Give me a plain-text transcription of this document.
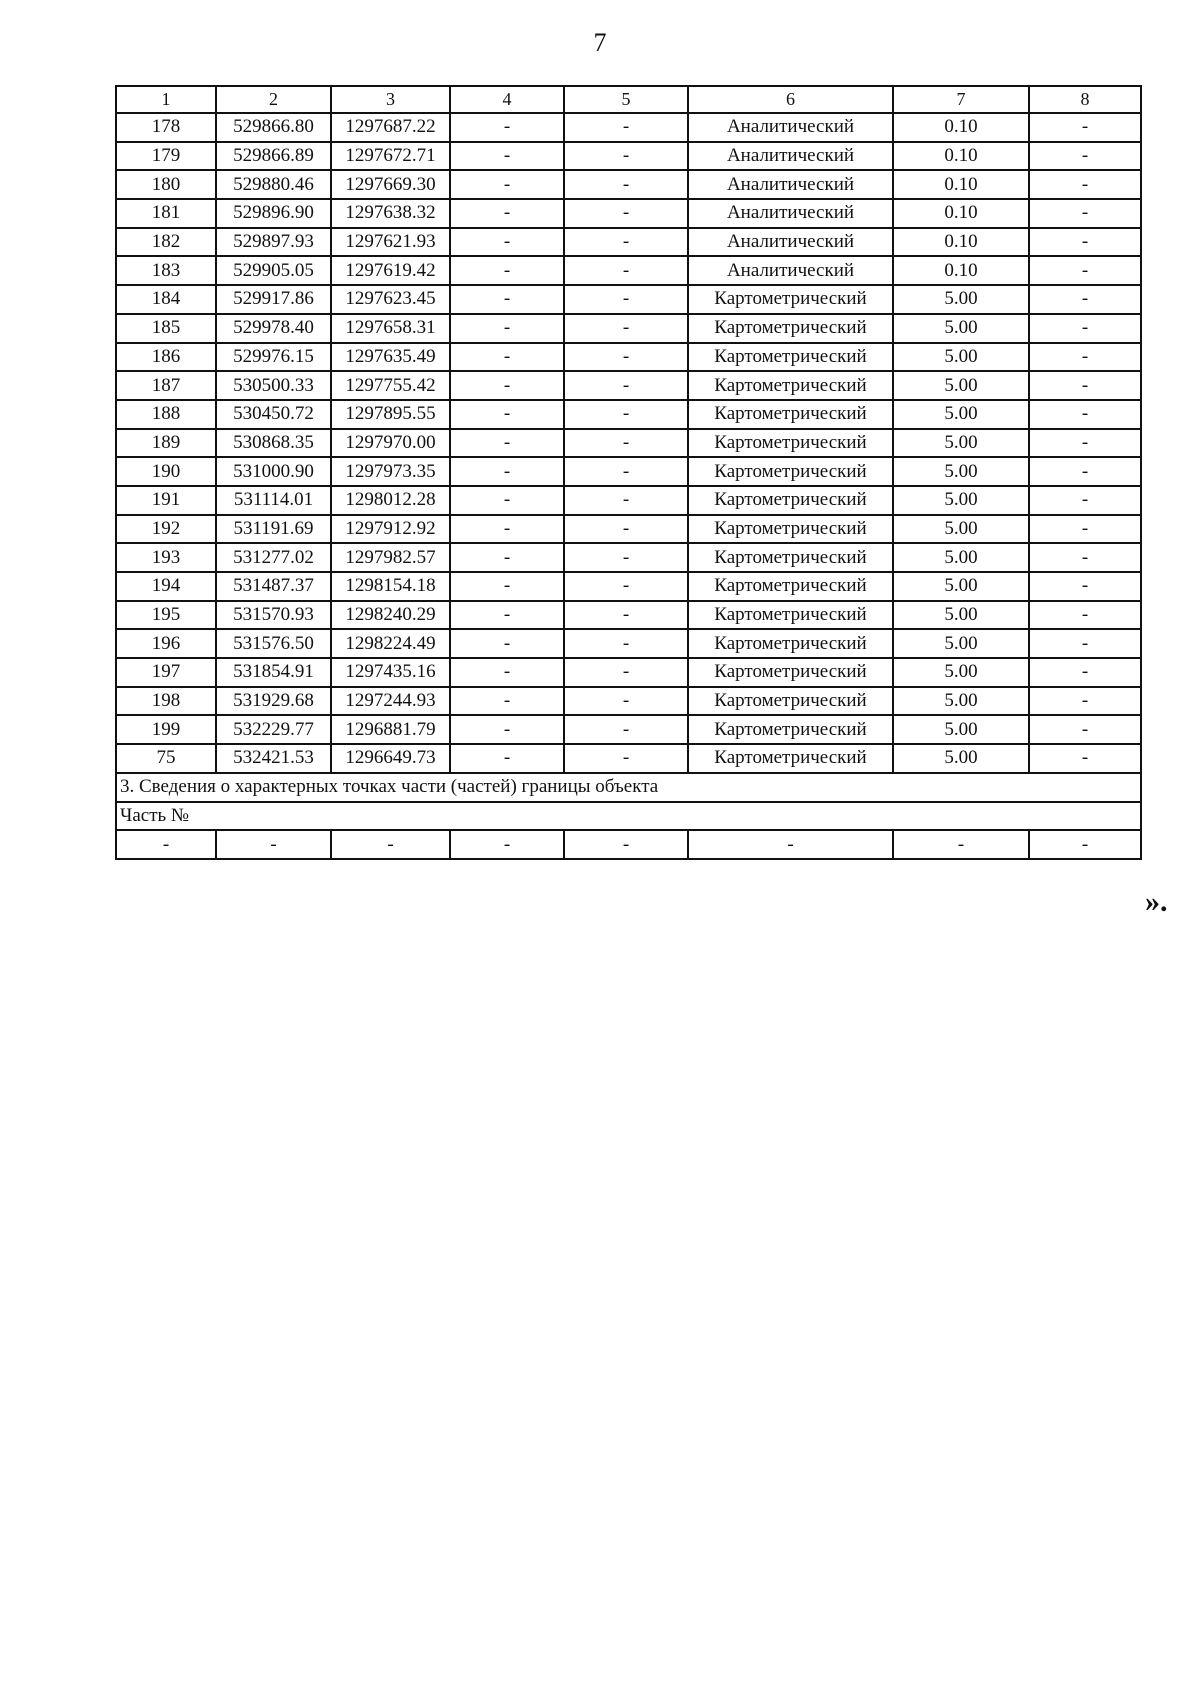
7
1	2	3	4	5	6	7	8
178	529866.80	1297687.22	-	-	Аналитический	0.10	-
179	529866.89	1297672.71	-	-	Аналитический	0.10	-
180	529880.46	1297669.30	-	-	Аналитический	0.10	-
181	529896.90	1297638.32	-	-	Аналитический	0.10	-
182	529897.93	1297621.93	-	-	Аналитический	0.10	-
183	529905.05	1297619.42	-	-	Аналитический	0.10	-
184	529917.86	1297623.45	-	-	Картометрический	5.00	-
185	529978.40	1297658.31	-	-	Картометрический	5.00	-
186	529976.15	1297635.49	-	-	Картометрический	5.00	-
187	530500.33	1297755.42	-	-	Картометрический	5.00	-
188	530450.72	1297895.55	-	-	Картометрический	5.00	-
189	530868.35	1297970.00	-	-	Картометрический	5.00	-
190	531000.90	1297973.35	-	-	Картометрический	5.00	-
191	531114.01	1298012.28	-	-	Картометрический	5.00	-
192	531191.69	1297912.92	-	-	Картометрический	5.00	-
193	531277.02	1297982.57	-	-	Картометрический	5.00	-
194	531487.37	1298154.18	-	-	Картометрический	5.00	-
195	531570.93	1298240.29	-	-	Картометрический	5.00	-
196	531576.50	1298224.49	-	-	Картометрический	5.00	-
197	531854.91	1297435.16	-	-	Картометрический	5.00	-
198	531929.68	1297244.93	-	-	Картометрический	5.00	-
199	532229.77	1296881.79	-	-	Картометрический	5.00	-
75	532421.53	1296649.73	-	-	Картометрический	5.00	-
3. Сведения о характерных точках части (частей) границы объекта							
Часть №							
-	-	-	-	-	-	-	-
».
